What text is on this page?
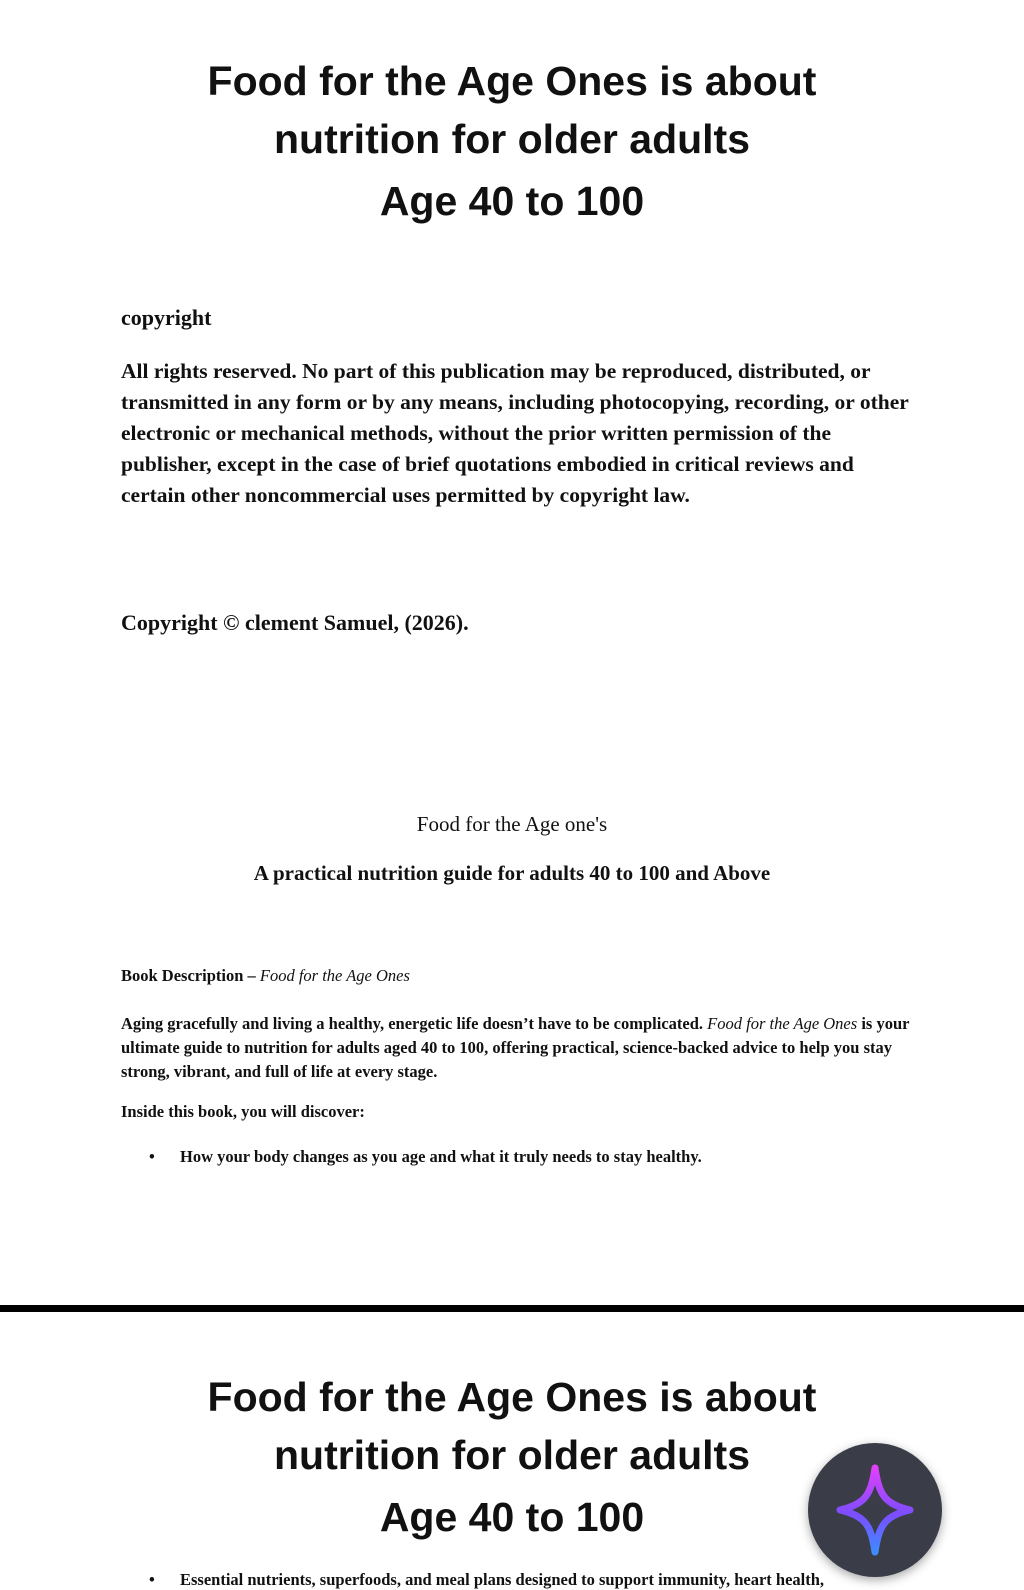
Food for the Age Ones is about
nutrition for older adults
Age 40 to 100
copyright

All rights reserved. No part of this publication may be reproduced, distributed, or transmitted in any form or by any means, including photocopying, recording, or other electronic or mechanical methods, without the prior written permission of the publisher, except in the case of brief quotations embodied in critical reviews and certain other noncommercial uses permitted by copyright law.

Copyright © clement Samuel, (2026).
Food for the Age one's
A practical nutrition guide for adults 40 to 100 and Above
Book Description – Food for the Age Ones

Aging gracefully and living a healthy, energetic life doesn’t have to be complicated. Food for the Age Ones is your ultimate guide to nutrition for adults aged 40 to 100, offering practical, science-backed advice to help you stay strong, vibrant, and full of life at every stage.

Inside this book, you will discover:
• How your body changes as you age and what it truly needs to stay healthy.
Food for the Age Ones is about
nutrition for older adults
Age 40 to 100
• Essential nutrients, superfoods, and meal plans designed to support immunity, heart health,
